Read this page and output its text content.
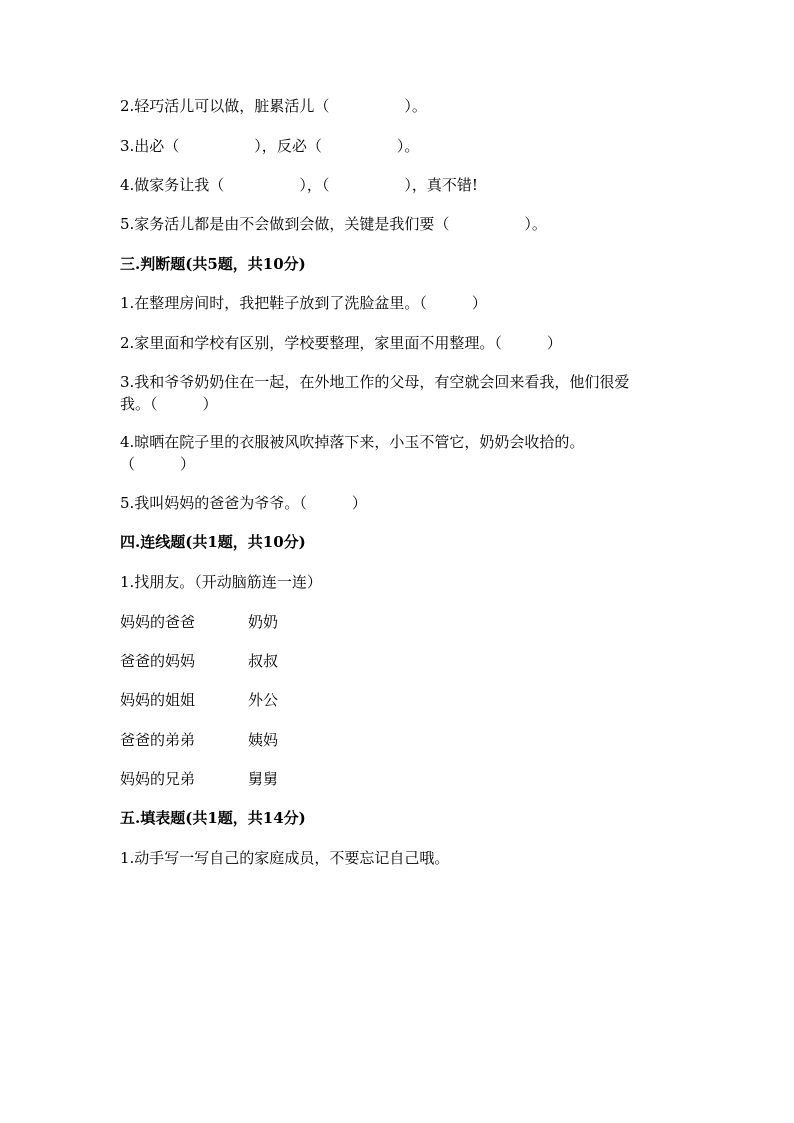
2.轻巧活儿可以做，脏累活儿（　　　　　）。
3.出必（　　　　　），反必（　　　　　）。
4.做家务让我（　　　　　），（　　　　　），真不错!
5.家务活儿都是由不会做到会做，关键是我们要（　　　　　）。
三.判断题(共5题，共10分)
1.在整理房间时，我把鞋子放到了洗脸盆里。（　　　）
2.家里面和学校有区别，学校要整理，家里面不用整理。（　　　）
3.我和爷爷奶奶住在一起，在外地工作的父母，有空就会回来看我，他们很爱
我。（　　　）
4.晾晒在院子里的衣服被风吹掉落下来，小玉不管它，奶奶会收拾的。
（　　　）
5.我叫妈妈的爸爸为爷爷。（　　　）
四.连线题(共1题，共10分)
1.找朋友。（开动脑筋连一连）
妈妈的爸爸	奶奶
爸爸的妈妈	叔叔
妈妈的姐姐	外公
爸爸的弟弟	姨妈
妈妈的兄弟	舅舅
五.填表题(共1题，共14分)
1.动手写一写自己的家庭成员，不要忘记自己哦。
